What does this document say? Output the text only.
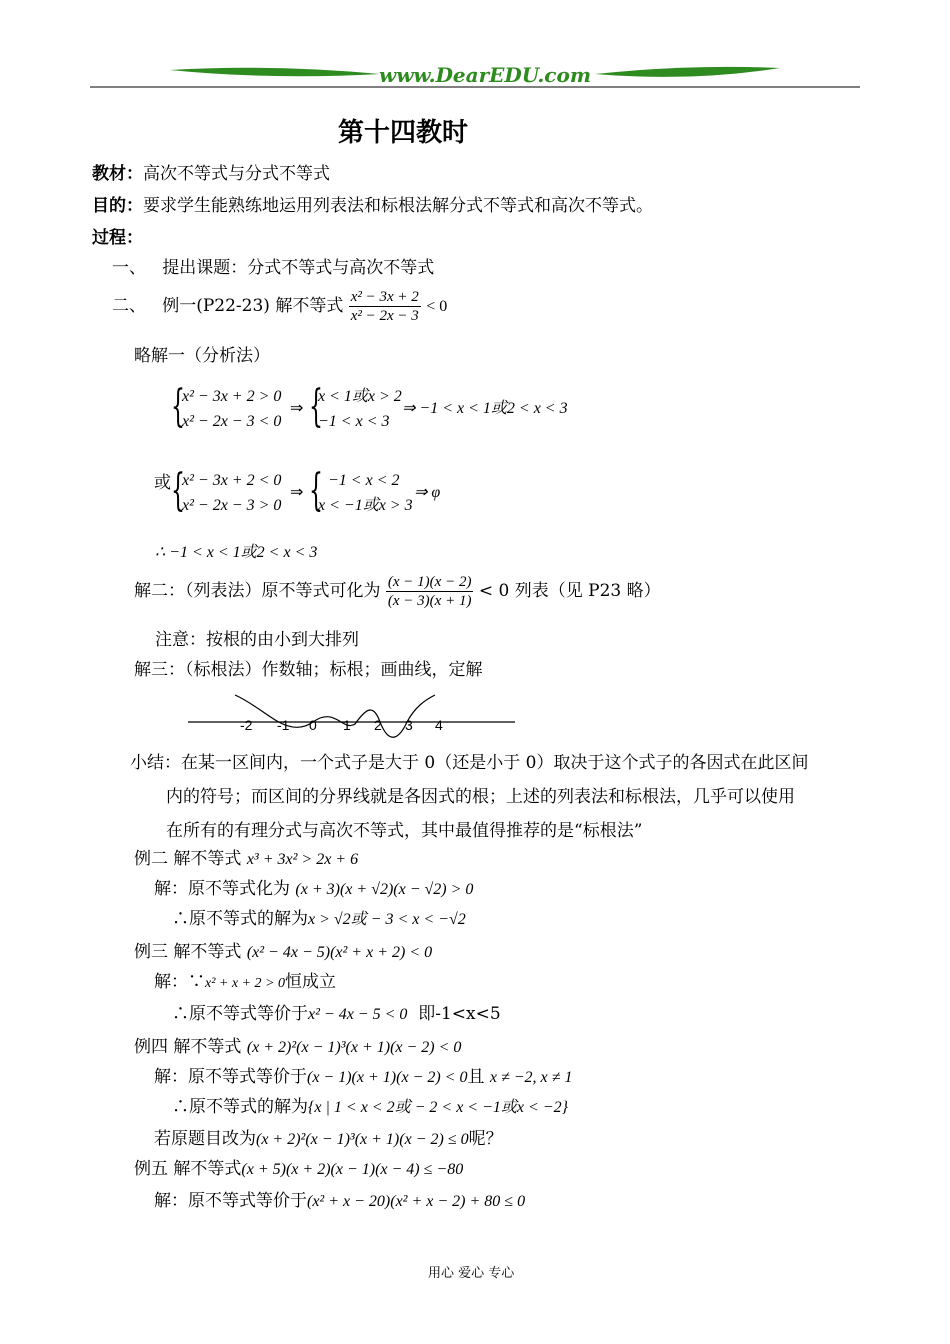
www.DearEDU.com
第十四教时
教材：高次不等式与分式不等式
目的：要求学生能熟练地运用列表法和标根法解分式不等式和高次不等式。
过程：
一、 提出课题：分式不等式与高次不等式
二、 例一(P22-23) 解不等式 $\frac{\text{x² − 3x + 2}}{\text{x² − 2x − 3}} < 0$
略解一（分析法）
{
x² − 3x + 2 > 0
x² − 2x − 3 < 0
⇒ {
x < 1或x > 2
−1 < x < 3
⇒ −1 < x < 1或2 < x < 3
或 {
x² − 3x + 2 < 0
x² − 2x − 3 > 0
⇒ { −1 < x < 2
x < −1或x > 3
⇒ φ
∴ −1 < x < 1或2 < x < 3
解二：（列表法）原不等式可化为 $\frac{(x - 1)(x - 2)}{(x - 3)(x + 1)} < 0$ 列表（见 P23 略）
注意：按根的由小到大排列
解三：（标根法）作数轴；标根；画曲线，定解
-2 -1 0 1 2 3 4
小结：在某一区间内，一个式子是大于 0（还是小于 0）取决于这个式子的各因式在此区间
内的符号；而区间的分界线就是各因式的根；上述的列表法和标根法，几乎可以使用
在所有的有理分式与高次不等式，其中最值得推荐的是“标根法”
例二 解不等式 x³ + 3x² > 2x + 6
解：原不等式化为 (x + 3)(x + √2)(x − √2) > 0
∴原不等式的解为x > √2或 − 3 < x < −√2
例三 解不等式 (x² − 4x − 5)(x² + x + 2) < 0
解：∵x² + x + 2 > 0恒成立
∴原不等式等价于x² − 4x − 5 < 0 即-1<x<5
例四 解不等式 (x + 2)²(x − 1)³(x + 1)(x − 2) < 0
解：原不等式等价于(x − 1)(x + 1)(x − 2) < 0且 x ≠ −2, x ≠ 1
∴原不等式的解为{x | 1 < x < 2或 − 2 < x < −1或x < −2}
若原题目改为(x + 2)²(x − 1)³(x + 1)(x − 2) ≤ 0呢？
例五 解不等式(x + 5)(x + 2)(x − 1)(x − 4) ≤ −80
解：原不等式等价于(x² + x − 20)(x² + x − 2) + 80 ≤ 0
用心 爱心 专心
